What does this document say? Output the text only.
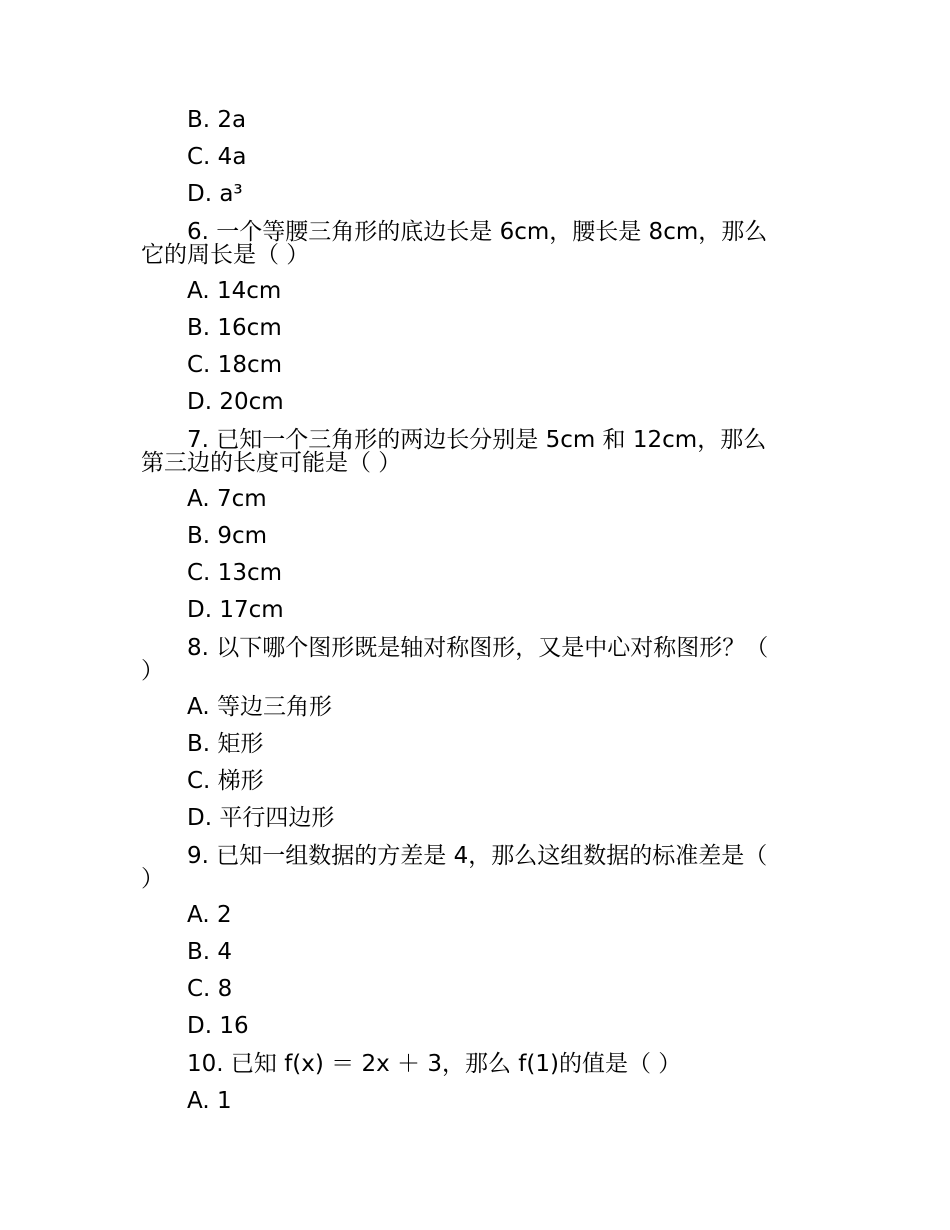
B. 2a
C. 4a
D. a³
6. 一个等腰三角形的底边长是 6cm，腰长是 8cm，那么
它的周长是（ ）
A. 14cm
B. 16cm
C. 18cm
D. 20cm
7. 已知一个三角形的两边长分别是 5cm 和 12cm，那么
第三边的长度可能是（ ）
A. 7cm
B. 9cm
C. 13cm
D. 17cm
8. 以下哪个图形既是轴对称图形，又是中心对称图形？（
）
A. 等边三角形
B. 矩形
C. 梯形
D. 平行四边形
9. 已知一组数据的方差是 4，那么这组数据的标准差是（
）
A. 2
B. 4
C. 8
D. 16
10. 已知 f(x) ＝ 2x ＋ 3，那么 f(1)的值是（ ）
A. 1
